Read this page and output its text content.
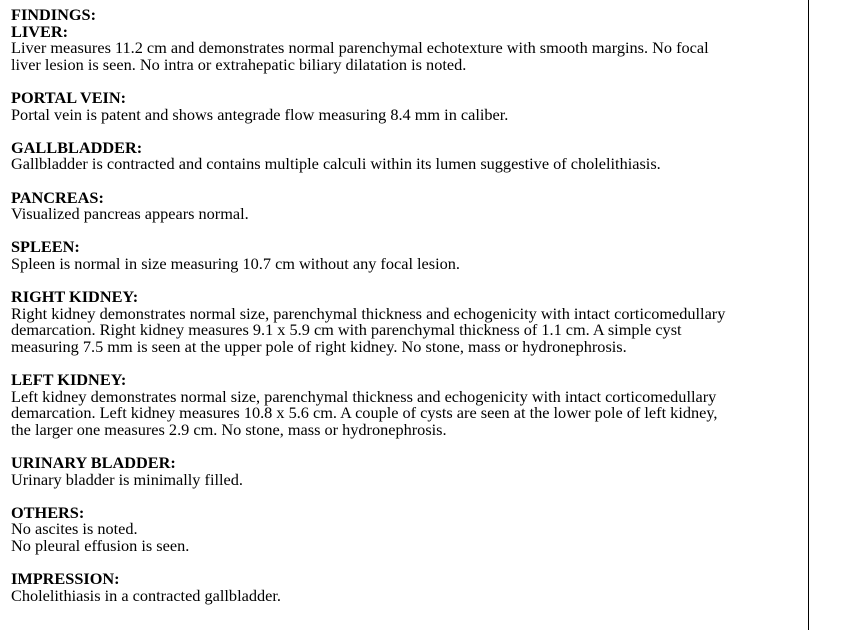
FINDINGS:
LIVER:
Liver measures 11.2 cm and demonstrates normal parenchymal echotexture with smooth margins. No focal
liver lesion is seen. No intra or extrahepatic biliary dilatation is noted.
PORTAL VEIN:
Portal vein is patent and shows antegrade flow measuring 8.4 mm in caliber.
GALLBLADDER:
Gallbladder is contracted and contains multiple calculi within its lumen suggestive of cholelithiasis.
PANCREAS:
Visualized pancreas appears normal.
SPLEEN:
Spleen is normal in size measuring 10.7 cm without any focal lesion.
RIGHT KIDNEY:
Right kidney demonstrates normal size, parenchymal thickness and echogenicity with intact corticomedullary
demarcation. Right kidney measures 9.1 x 5.9 cm with parenchymal thickness of 1.1 cm. A simple cyst
measuring 7.5 mm is seen at the upper pole of right kidney. No stone, mass or hydronephrosis.
LEFT KIDNEY:
Left kidney demonstrates normal size, parenchymal thickness and echogenicity with intact corticomedullary
demarcation. Left kidney measures 10.8 x 5.6 cm. A couple of cysts are seen at the lower pole of left kidney,
the larger one measures 2.9 cm. No stone, mass or hydronephrosis.
URINARY BLADDER:
Urinary bladder is minimally filled.
OTHERS:
No ascites is noted.
No pleural effusion is seen.
IMPRESSION:
Cholelithiasis in a contracted gallbladder.
